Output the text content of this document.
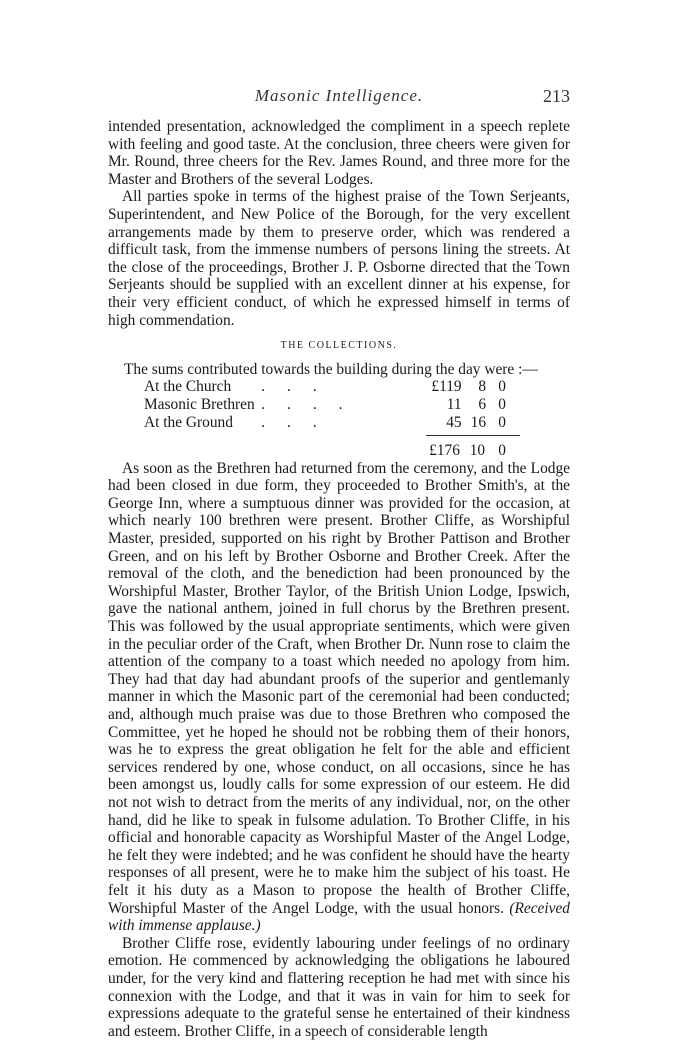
Masonic Intelligence.	213

intended presentation, acknowledged the compliment in a speech replete with feeling and good taste. At the conclusion, three cheers were given for Mr. Round, three cheers for the Rev. James Round, and three more for the Master and Brothers of the several Lodges.

All parties spoke in terms of the highest praise of the Town Serjeants, Superintendent, and New Police of the Borough, for the very excellent arrangements made by them to preserve order, which was rendered a difficult task, from the immense numbers of persons lining the streets. At the close of the proceedings, Brother J. P. Osborne directed that the Town Serjeants should be supplied with an excellent dinner at his expense, for their very efficient conduct, of which he expressed himself in terms of high commendation.

THE COLLECTIONS.

The sums contributed towards the building during the day were :—

At the Church	...	£119	8	0
Masonic Brethren	....	11	6	0
At the Ground	...	45	16	0
		£176	10	0

As soon as the Brethren had returned from the ceremony, and the Lodge had been closed in due form, they proceeded to Brother Smith's, at the George Inn, where a sumptuous dinner was provided for the occasion, at which nearly 100 brethren were present. Brother Cliffe, as Worshipful Master, presided, supported on his right by Brother Pattison and Brother Green, and on his left by Brother Osborne and Brother Creek. After the removal of the cloth, and the benediction had been pronounced by the Worshipful Master, Brother Taylor, of the British Union Lodge, Ipswich, gave the national anthem, joined in full chorus by the Brethren present. This was followed by the usual appropriate sentiments, which were given in the peculiar order of the Craft, when Brother Dr. Nunn rose to claim the attention of the company to a toast which needed no apology from him. They had that day had abundant proofs of the superior and gentlemanly manner in which the Masonic part of the ceremonial had been conducted; and, although much praise was due to those Brethren who composed the Committee, yet he hoped he should not be robbing them of their honors, was he to express the great obligation he felt for the able and efficient services rendered by one, whose conduct, on all occasions, since he has been amongst us, loudly calls for some expression of our esteem. He did not not wish to detract from the merits of any individual, nor, on the other hand, did he like to speak in fulsome adulation. To Brother Cliffe, in his official and honorable capacity as Worshipful Master of the Angel Lodge, he felt they were indebted; and he was confident he should have the hearty responses of all present, were he to make him the subject of his toast. He felt it his duty as a Mason to propose the health of Brother Cliffe, Worshipful Master of the Angel Lodge, with the usual honors. (Received with immense applause.)

Brother Cliffe rose, evidently labouring under feelings of no ordinary emotion. He commenced by acknowledging the obligations he laboured under, for the very kind and flattering reception he had met with since his connexion with the Lodge, and that it was in vain for him to seek for expressions adequate to the grateful sense he entertained of their kindness and esteem. Brother Cliffe, in a speech of considerable length
